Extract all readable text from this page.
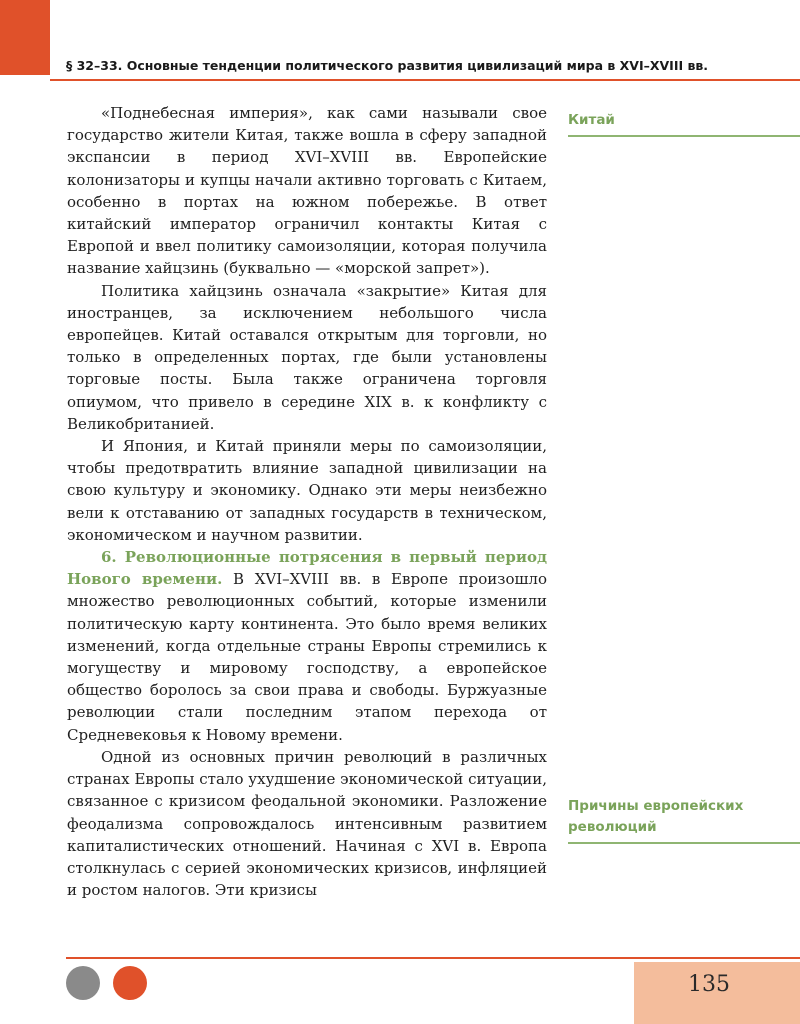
§ 32–33. Основные тенденции политического развития цивилизаций мира в XVI–XVIII вв.

«Поднебесная империя», как сами называли свое государство жители Китая, также вошла в сферу западной экспансии в период XVI–XVIII вв. Европейские колонизаторы и купцы начали активно торговать с Китаем, особенно в портах на южном побережье. В ответ китайский император ограничил контакты Китая с Европой и ввел политику самоизоляции, которая получила название хайцзинь (буквально — «морской запрет»).

Политика хайцзинь означала «закрытие» Китая для иностранцев, за исключением небольшого числа европейцев. Китай оставался открытым для торговли, но только в определенных портах, где были установлены торговые посты. Была также ограничена торговля опиумом, что привело в середине XIX в. к конфликту с Великобританией.

И Япония, и Китай приняли меры по самоизоляции, чтобы предотвратить влияние западной цивилизации на свою культуру и экономику. Однако эти меры неизбежно вели к отставанию от западных государств в техническом, экономическом и научном развитии.

6. Революционные потрясения в первый период Нового времени. В XVI–XVIII вв. в Европе произошло множество революционных событий, которые изменили политическую карту континента. Это было время великих изменений, когда отдельные страны Европы стремились к могуществу и мировому господству, а европейское общество боролось за свои права и свободы. Буржуазные революции стали последним этапом перехода от Средневековья к Новому времени.

Одной из основных причин революций в различных странах Европы стало ухудшение экономической ситуации, связанное с кризисом феодальной экономики. Разложение феодализма сопровождалось интенсивным развитием капиталистических отношений. Начиная с XVI в. Европа столкнулась с серией экономических кризисов, инфляцией и ростом налогов. Эти кризисы

Китай
Причины европейских революций
135
